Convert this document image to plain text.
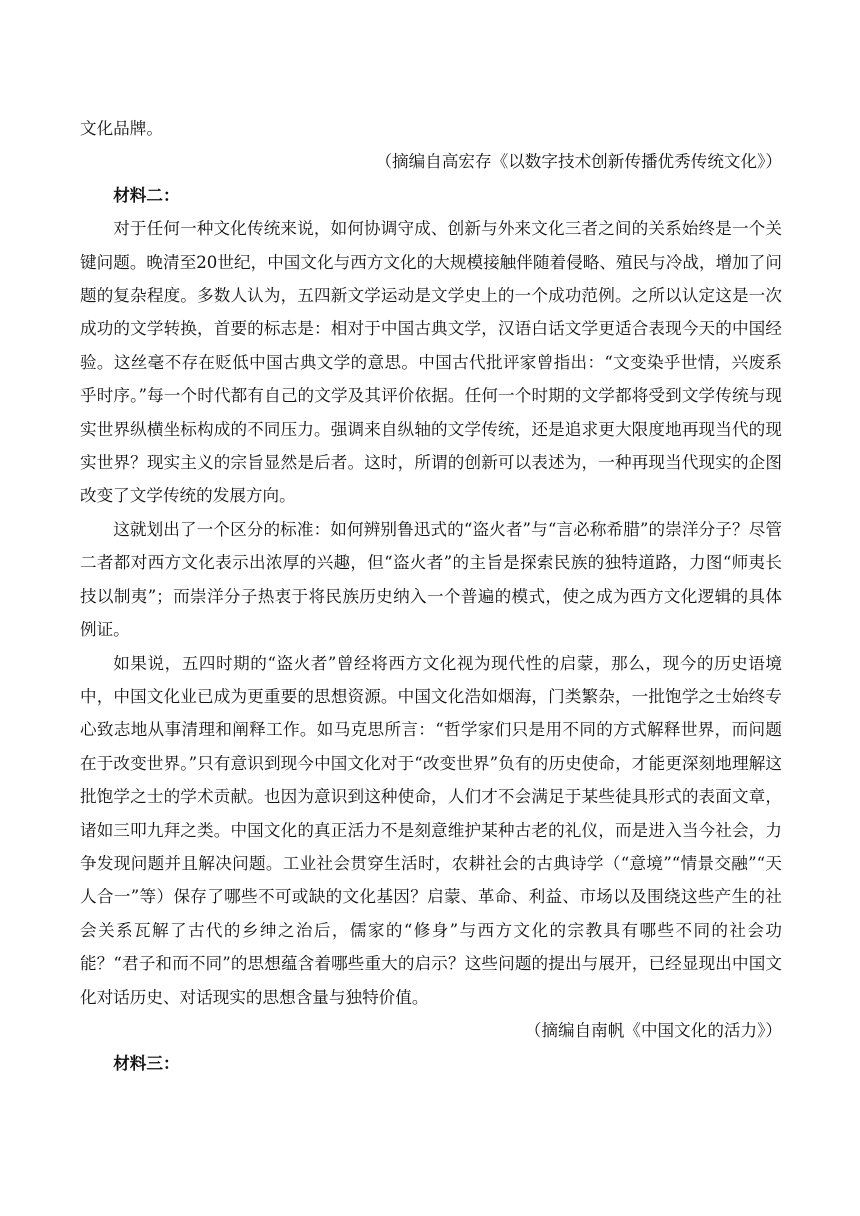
文化品牌。

（摘编自高宏存《以数字技术创新传播优秀传统文化》）

材料二：

对于任何一种文化传统来说，如何协调守成、创新与外来文化三者之间的关系始终是一个关键问题。晚清至20世纪，中国文化与西方文化的大规模接触伴随着侵略、殖民与冷战，增加了问题的复杂程度。多数人认为，五四新文学运动是文学史上的一个成功范例。之所以认定这是一次成功的文学转换，首要的标志是：相对于中国古典文学，汉语白话文学更适合表现今天的中国经验。这丝毫不存在贬低中国古典文学的意思。中国古代批评家曾指出：“文变染乎世情，兴废系乎时序。”每一个时代都有自己的文学及其评价依据。任何一个时期的文学都将受到文学传统与现实世界纵横坐标构成的不同压力。强调来自纵轴的文学传统，还是追求更大限度地再现当代的现实世界？现实主义的宗旨显然是后者。这时，所谓的创新可以表述为，一种再现当代现实的企图改变了文学传统的发展方向。

这就划出了一个区分的标准：如何辨别鲁迅式的“盗火者”与“言必称希腊”的崇洋分子？尽管二者都对西方文化表示出浓厚的兴趣，但“盗火者”的主旨是探索民族的独特道路，力图“师夷长技以制夷”；而崇洋分子热衷于将民族历史纳入一个普遍的模式，使之成为西方文化逻辑的具体例证。

如果说，五四时期的“盗火者”曾经将西方文化视为现代性的启蒙，那么，现今的历史语境中，中国文化业已成为更重要的思想资源。中国文化浩如烟海，门类繁杂，一批饱学之士始终专心致志地从事清理和阐释工作。如马克思所言：“哲学家们只是用不同的方式解释世界，而问题在于改变世界。”只有意识到现今中国文化对于“改变世界”负有的历史使命，才能更深刻地理解这批饱学之士的学术贡献。也因为意识到这种使命，人们才不会满足于某些徒具形式的表面文章，诸如三叩九拜之类。中国文化的真正活力不是刻意维护某种古老的礼仪，而是进入当今社会，力争发现问题并且解决问题。工业社会贯穿生活时，农耕社会的古典诗学（“意境”“情景交融”“天人合一”等）保存了哪些不可或缺的文化基因？启蒙、革命、利益、市场以及围绕这些产生的社会关系瓦解了古代的乡绅之治后，儒家的“修身”与西方文化的宗教具有哪些不同的社会功能？“君子和而不同”的思想蕴含着哪些重大的启示？这些问题的提出与展开，已经显现出中国文化对话历史、对话现实的思想含量与独特价值。

（摘编自南帆《中国文化的活力》）

材料三：
